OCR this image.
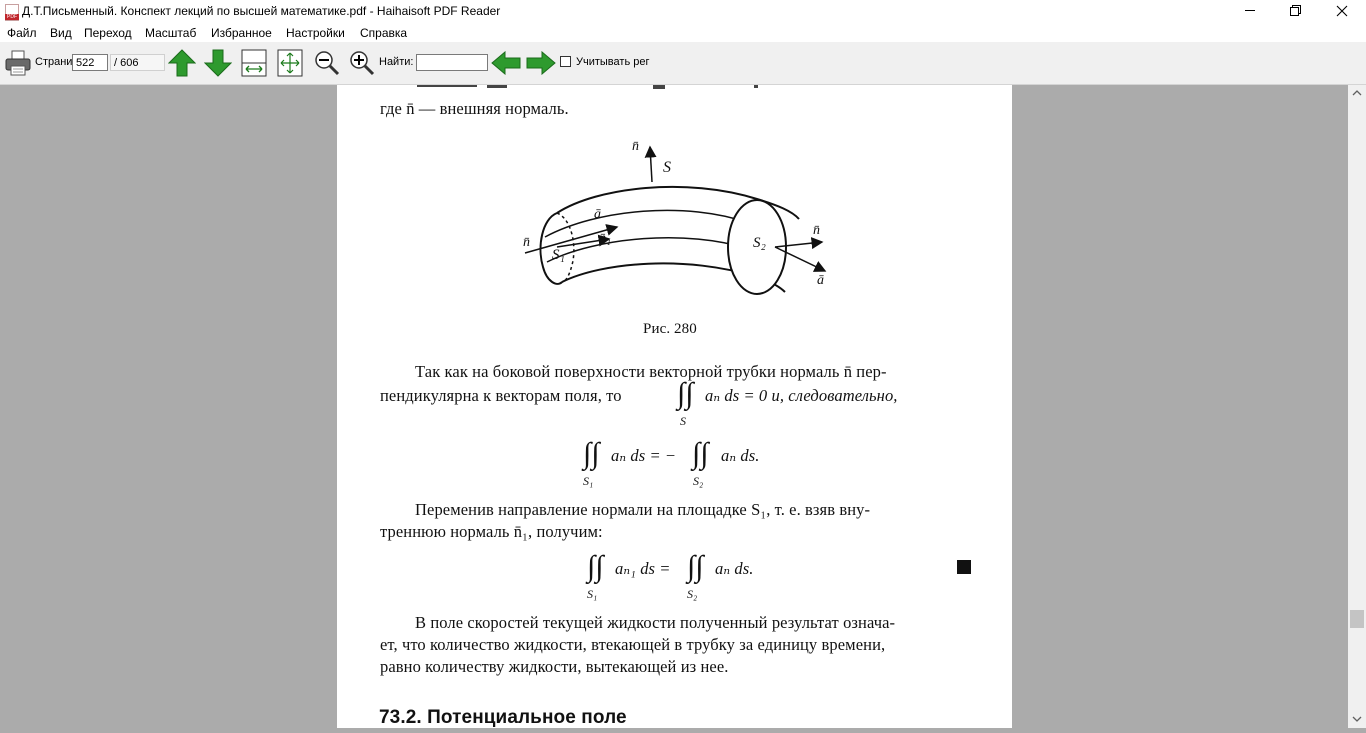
PDF
Д.Т.Письменный. Конспект лекций по высшей математике.pdf - Haihaisoft PDF Reader
Файл Вид Переход Масштаб Избранное Настройки Справка
Страни 522	/ 606	Найти:	Учитывать рег
где n̄ — внешняя нормаль.
n̄
S
ā
n̄	n̄₁
S₁
S₂
n̄
ā
Рис. 280
Так как на боковой поверхности векторной трубки нормаль n̄ пер-
пендикулярна к векторам поля, то ∫∫
S
aₙ ds = 0 и, следовательно,
∫∫
S₁
aₙ ds = − ∫∫
S₂
aₙ ds.
Переменив направление нормали на площадке S₁, т. е. взяв вну-
треннюю нормаль n̄₁, получим:
∫∫
S₁
aₙ₁ ds = ∫∫
S₂
aₙ ds.
В поле скоростей текущей жидкости полученный результат означа-
ет, что количество жидкости, втекающей в трубку за единицу времени,
равно количеству жидкости, вытекающей из нее.
73.2. Потенциальное поле
